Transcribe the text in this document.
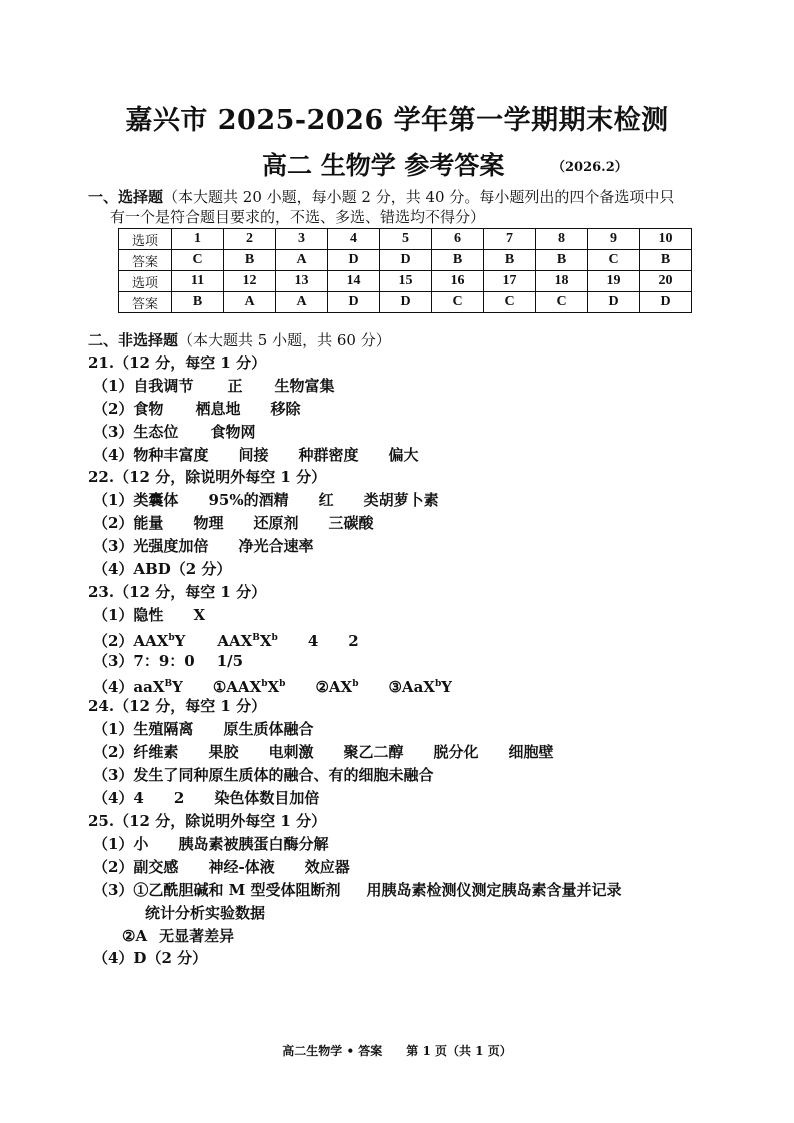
嘉兴市 2025-2026 学年第一学期期末检测
高二 生物学 参考答案	（2026.2）
一、选择题（本大题共 20 小题，每小题 2 分，共 40 分。每小题列出的四个备选项中只
有一个是符合题目要求的，不选、多选、错选均不得分）
选项	1	2	3	4	5	6	7	8	9	10
答案	C	B	A	D	D	B	B	B	C	B
选项	11	12	13	14	15	16	17	18	19	20
答案	B	A	A	D	D	C	C	C	D	D
二、非选择题（本大题共 5 小题，共 60 分）
21.（12 分，每空 1 分）
（1）自我调节 正 生物富集
（2）食物 栖息地 移除
（3）生态位 食物网
（4）物种丰富度 间接 种群密度 偏大
22.（12 分，除说明外每空 1 分）
（1）类囊体 95%的酒精 红 类胡萝卜素
（2）能量 物理 还原剂 三碳酸
（3）光强度加倍 净光合速率
（4）ABD（2 分）
23.（12 分，每空 1 分）
（1）隐性 X
（2）AAX$^b$Y $AAX^BX^b$ 4 2
（3）7：9：0 1/5
（4）aaX$^B$Y $①AAX^bX^b$ $②AX^b$ ③AaX$^b$Y
24.（12 分，每空 1 分）
（1）生殖隔离 原生质体融合
（2）纤维素 果胶 电刺激 聚乙二醇 脱分化 细胞壁
（3）发生了同种原生质体的融合、有的细胞未融合
（4）4 2 染色体数目加倍
25.（12 分，除说明外每空 1 分）
（1）小 胰岛素被胰蛋白酶分解
（2）副交感 神经-体液 效应器
（3）①乙酰胆碱和 M 型受体阻断剂 用胰岛素检测仪测定胰岛素含量并记录
统计分析实验数据
②A 无显著差异
（4）D（2 分）
高二生物学 • 答案 第 1 页（共 1 页）
